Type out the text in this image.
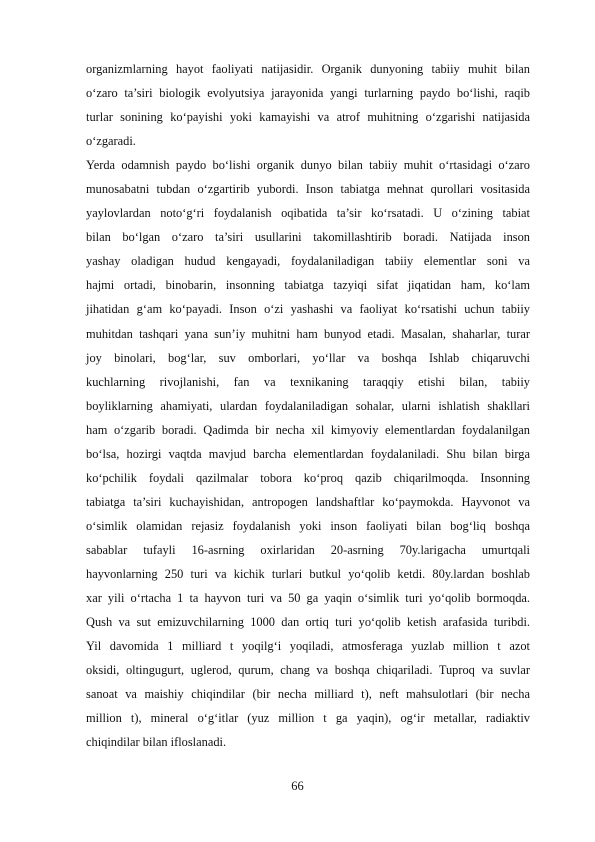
organizmlarning hayot faoliyati natijasidir. Organik dunyoning tabiiy muhit bilan
o‘zaro ta’siri biologik evolyutsiya jarayonida yangi turlarning paydo bo‘lishi, raqib
turlar sonining ko‘payishi yoki kamayishi va atrof muhitning o‘zgarishi natijasida
o‘zgaradi.
Yerda odamnish paydo bo‘lishi organik dunyo bilan tabiiy muhit o‘rtasidagi o‘zaro
munosabatni tubdan o‘zgartirib yubordi. Inson tabiatga mehnat qurollari vositasida
yaylovlardan noto‘g‘ri foydalanish oqibatida ta’sir ko‘rsatadi. U o‘zining tabiat
bilan bo‘lgan o‘zaro ta’siri usullarini takomillashtirib boradi. Natijada inson
yashay oladigan hudud kengayadi, foydalaniladigan tabiiy elementlar soni va
hajmi ortadi, binobarin, insonning tabiatga tazyiqi sifat jiqatidan ham, ko‘lam
jihatidan g‘am ko‘payadi. Inson o‘zi yashashi va faoliyat ko‘rsatishi uchun tabiiy
muhitdan tashqari yana sun’iy muhitni ham bunyod etadi. Masalan, shaharlar, turar
joy binolari, bog‘lar, suv omborlari, yo‘llar va boshqa Ishlab chiqaruvchi
kuchlarning rivojlanishi, fan va texnikaning taraqqiy etishi bilan, tabiiy
boyliklarning ahamiyati, ulardan foydalaniladigan sohalar, ularni ishlatish shakllari
ham o‘zgarib boradi. Qadimda bir necha xil kimyoviy elementlardan foydalanilgan
bo‘lsa, hozirgi vaqtda mavjud barcha elementlardan foydalaniladi. Shu bilan birga
ko‘pchilik foydali qazilmalar tobora ko‘proq qazib chiqarilmoqda. Insonning
tabiatga ta’siri kuchayishidan, antropogen landshaftlar ko‘paymokda. Hayvonot va
o‘simlik olamidan rejasiz foydalanish yoki inson faoliyati bilan bog‘liq boshqa
sabablar tufayli 16-asrning oxirlaridan 20-asrning 70y.larigacha umurtqali
hayvonlarning 250 turi va kichik turlari butkul yo‘qolib ketdi. 80y.lardan boshlab
xar yili o‘rtacha 1 ta hayvon turi va 50 ga yaqin o‘simlik turi yo‘qolib bormoqda.
Qush va sut emizuvchilarning 1000 dan ortiq turi yo‘qolib ketish arafasida turibdi.
Yil davomida 1 milliard t yoqilg‘i yoqiladi, atmosferaga yuzlab million t azot
oksidi, oltingugurt, uglerod, qurum, chang va boshqa chiqariladi. Tuproq va suvlar
sanoat va maishiy chiqindilar (bir necha milliard t), neft mahsulotlari (bir necha
million t), mineral o‘g‘itlar (yuz million t ga yaqin), og‘ir metallar, radiaktiv
chiqindilar bilan ifloslanadi.
66
